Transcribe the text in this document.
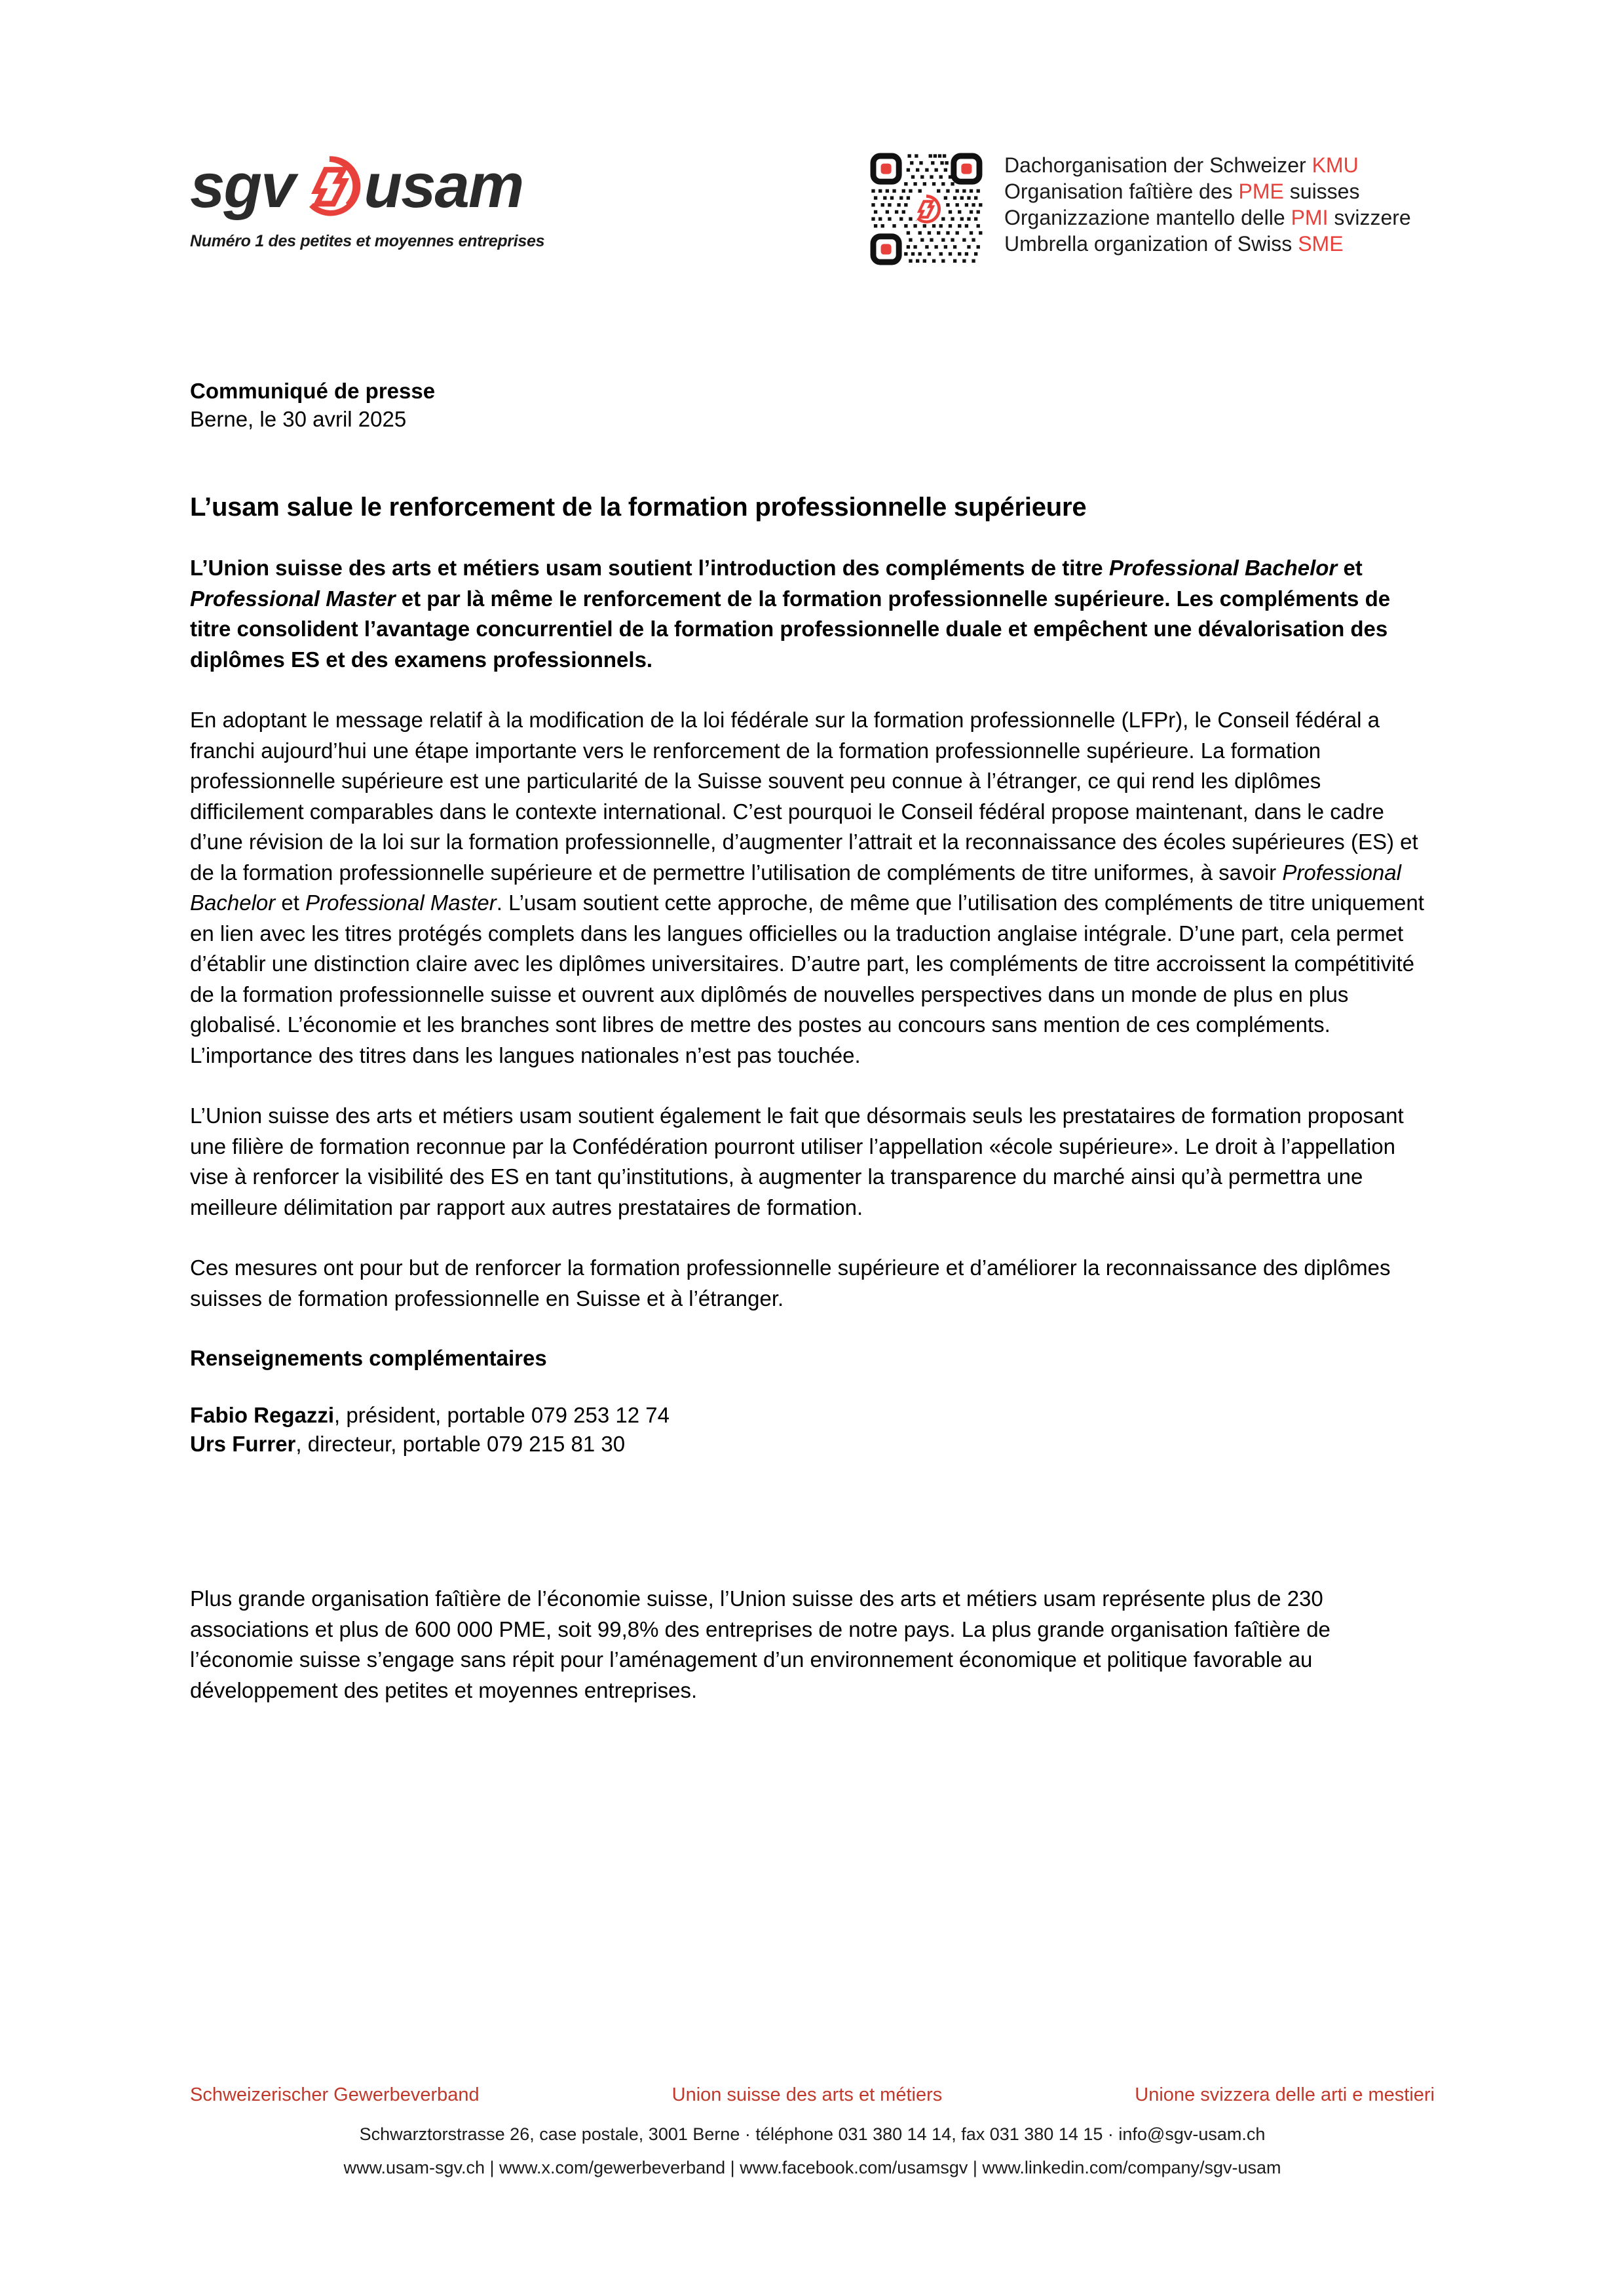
sgv usam
Numéro 1 des petites et moyennes entreprises
Dachorganisation der Schweizer KMU
Organisation faîtière des PME suisses
Organizzazione mantello delle PMI svizzere
Umbrella organization of Swiss SME
Communiqué de presse
Berne, le 30 avril 2025
L’usam salue le renforcement de la formation professionnelle supérieure
L’Union suisse des arts et métiers usam soutient l’introduction des compléments de titre Professional Bachelor et Professional Master et par là même le renforcement de la formation professionnelle supérieure. Les compléments de titre consolident l’avantage concurrentiel de la formation professionnelle duale et empêchent une dévalorisation des diplômes ES et des examens professionnels.

En adoptant le message relatif à la modification de la loi fédérale sur la formation professionnelle (LFPr), le Conseil fédéral a franchi aujourd’hui une étape importante vers le renforcement de la formation professionnelle supérieure. La formation professionnelle supérieure est une particularité de la Suisse souvent peu connue à l’étranger, ce qui rend les diplômes difficilement comparables dans le contexte international. C’est pourquoi le Conseil fédéral propose maintenant, dans le cadre d’une révision de la loi sur la formation professionnelle, d’augmenter l’attrait et la reconnaissance des écoles supérieures (ES) et de la formation professionnelle supérieure et de permettre l’utilisation de compléments de titre uniformes, à savoir Professional Bachelor et Professional Master. L’usam soutient cette approche, de même que l’utilisation des compléments de titre uniquement en lien avec les titres protégés complets dans les langues officielles ou la traduction anglaise intégrale. D’une part, cela permet d’établir une distinction claire avec les diplômes universitaires. D’autre part, les compléments de titre accroissent la compétitivité de la formation professionnelle suisse et ouvrent aux diplômés de nouvelles perspectives dans un monde de plus en plus globalisé. L’économie et les branches sont libres de mettre des postes au concours sans mention de ces compléments. L’importance des titres dans les langues nationales n’est pas touchée.

L’Union suisse des arts et métiers usam soutient également le fait que désormais seuls les prestataires de formation proposant une filière de formation reconnue par la Confédération pourront utiliser l’appellation «école supérieure». Le droit à l’appellation vise à renforcer la visibilité des ES en tant qu’institutions, à augmenter la transparence du marché ainsi qu’à permettra une meilleure délimitation par rapport aux autres prestataires de formation.

Ces mesures ont pour but de renforcer la formation professionnelle supérieure et d’améliorer la reconnaissance des diplômes suisses de formation professionnelle en Suisse et à l’étranger.

Renseignements complémentaires
Fabio Regazzi, président, portable 079 253 12 74
Urs Furrer, directeur, portable 079 215 81 30

Plus grande organisation faîtière de l’économie suisse, l’Union suisse des arts et métiers usam représente plus de 230 associations et plus de 600 000 PME, soit 99,8% des entreprises de notre pays. La plus grande organisation faîtière de l’économie suisse s’engage sans répit pour l’aménagement d’un environnement économique et politique favorable au développement des petites et moyennes entreprises.

Schweizerischer Gewerbeverband	Union suisse des arts et métiers	Unione svizzera delle arti e mestieri
Schwarztorstrasse 26, case postale, 3001 Berne · téléphone 031 380 14 14, fax 031 380 14 15 · info@sgv-usam.ch
www.usam-sgv.ch | www.x.com/gewerbeverband | www.facebook.com/usamsgv | www.linkedin.com/company/sgv-usam
